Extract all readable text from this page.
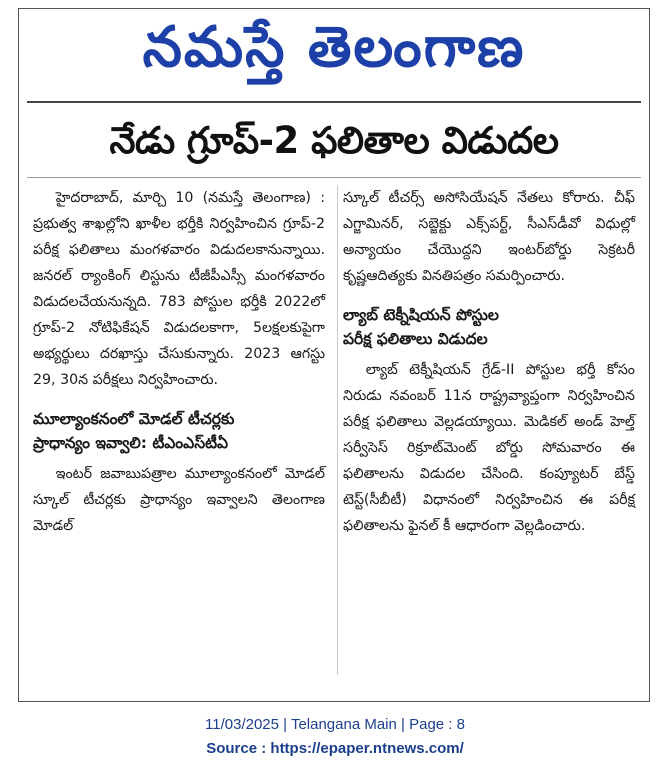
నమస్తే తెలంగాణ
నేడు గ్రూప్-2 ఫలితాల విడుదల

హైదరాబాద్, మార్చి 10 (నమస్తే తెలంగాణ) : ప్రభుత్వ శాఖల్లోని ఖాళీల భర్తీకి నిర్వహించిన గ్రూప్-2 పరీక్ష ఫలితాలు మంగళవారం విడుదలకానున్నాయి. జనరల్ ర్యాంకింగ్ లిస్టును టీజీపీఎస్సీ మంగళవారం విడుదలచేయనున్నది. 783 పోస్టుల భర్తీకి 2022లో గ్రూప్-2 నోటిఫికేషన్ విడుదలకాగా, 5లక్షలకుపైగా అభ్యర్థులు దరఖాస్తు చేసుకున్నారు. 2023 ఆగస్టు 29, 30న పరీక్షలు నిర్వహించారు.

మూల్యాంకనంలో మోడల్ టీచర్లకు
ప్రాధాన్యం ఇవ్వాలి: టీఎంఎస్‌టీఏ

ఇంటర్ జవాబుపత్రాల మూల్యాంకనంలో మోడల్ స్కూల్ టీచర్లకు ప్రాధాన్యం ఇవ్వాలని తెలంగాణ మోడల్

స్కూల్ టీచర్స్ అసోసియేషన్ నేతలు కోరారు. చీఫ్ ఎగ్జామినర్, సబ్జెక్టు ఎక్స్‌పర్ట్, సీఎస్‌డీవో విధుల్లో అన్యాయం చేయొద్దని ఇంటర్‌బోర్డు సెక్రటరీ కృష్ణఆదిత్యకు వినతిపత్రం సమర్పించారు.

ల్యాబ్ టెక్నీషియన్ పోస్టుల
పరీక్ష ఫలితాలు విడుదల

ల్యాబ్ టెక్నీషియన్ గ్రేడ్-II పోస్టుల భర్తీ కోసం నిరుడు నవంబర్ 11న రాష్ట్రవ్యాప్తంగా నిర్వహించిన పరీక్ష ఫలితాలు వెల్లడయ్యాయి. మెడికల్ అండ్ హెల్త్ సర్వీసెస్ రిక్రూట్‌మెంట్ బోర్డు సోమవారం ఈ ఫలితాలను విడుదల చేసింది. కంప్యూటర్ బేస్డ్ టెస్ట్(సీబీటీ) విధానంలో నిర్వహించిన ఈ పరీక్ష ఫలితాలను ఫైనల్ కీ ఆధారంగా వెల్లడించారు.

11/03/2025 | Telangana Main | Page : 8
Source : https://epaper.ntnews.com/
